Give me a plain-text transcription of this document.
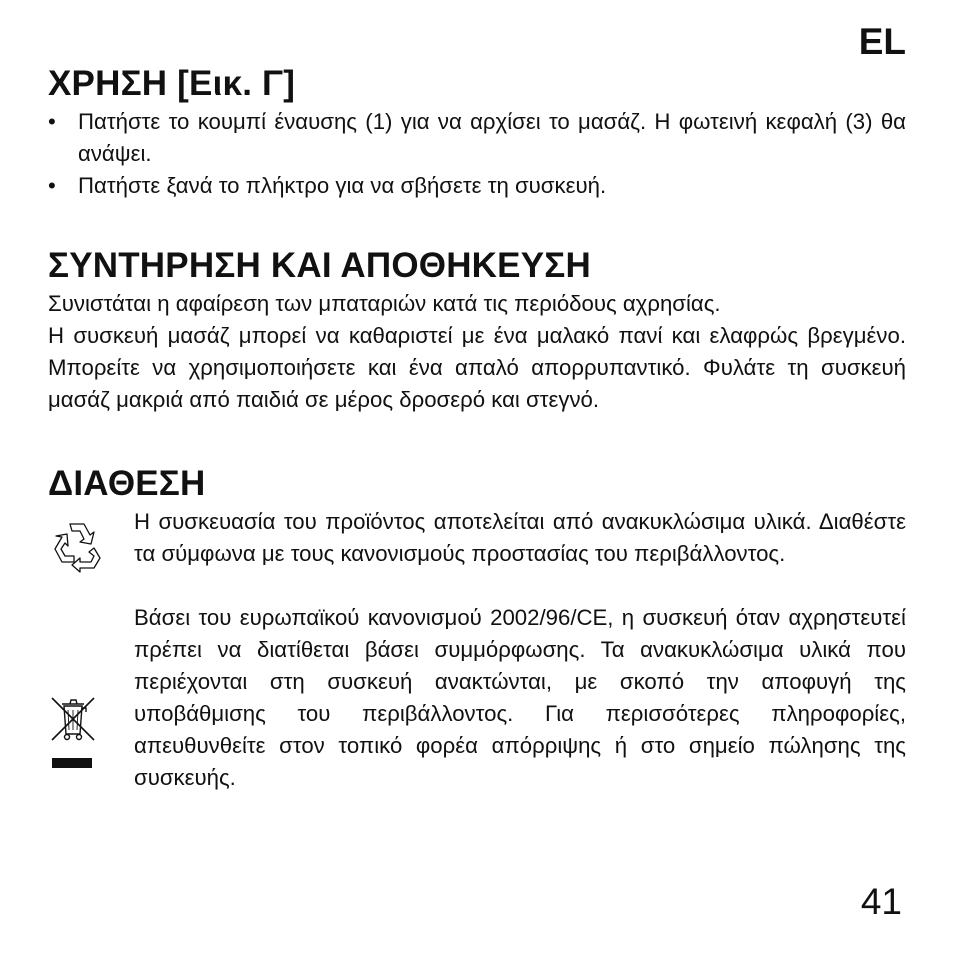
EL
ΧΡΗΣΗ [Εικ. Γ]
• Πατήστε το κουμπί έναυσης (1) για να αρχίσει το μασάζ. Η φωτεινή κεφαλή (3) θα ανάψει.
• Πατήστε ξανά το πλήκτρο για να σβήσετε τη συσκευή.
ΣΥΝΤΗΡΗΣΗ ΚΑΙ ΑΠΟΘΗΚΕΥΣΗ

Συνιστάται η αφαίρεση των μπαταριών κατά τις περιόδους αχρησίας.

Η συσκευή μασάζ μπορεί να καθαριστεί με ένα μαλακό πανί και ελαφρώς βρεγμένο. Μπορείτε να χρησιμοποιήσετε και ένα απαλό απορρυπαντικό. Φυλάτε τη συσκευή μασάζ μακριά από παιδιά σε μέρος δροσερό και στεγνό.

ΔΙΑΘΕΣΗ

Η συσκευασία του προϊόντος αποτελείται από ανακυκλώσιμα υλικά. Διαθέστε τα σύμφωνα με τους κανονισμούς προστασίας του περιβάλλοντος.

Βάσει του ευρωπαϊκού κανονισμού 2002/96/CE, η συσκευή όταν αχρηστευτεί πρέπει να διατίθεται βάσει συμμόρφωσης. Τα ανακυκλώσιμα υλικά που περιέχονται στη συσκευή ανακτώνται, με σκοπό την αποφυγή της υποβάθμισης του περιβάλλοντος. Για περισσότερες πληροφορίες, απευθυνθείτε στον τοπικό φορέα απόρριψης ή στο σημείο πώλησης της συσκευής.

41
